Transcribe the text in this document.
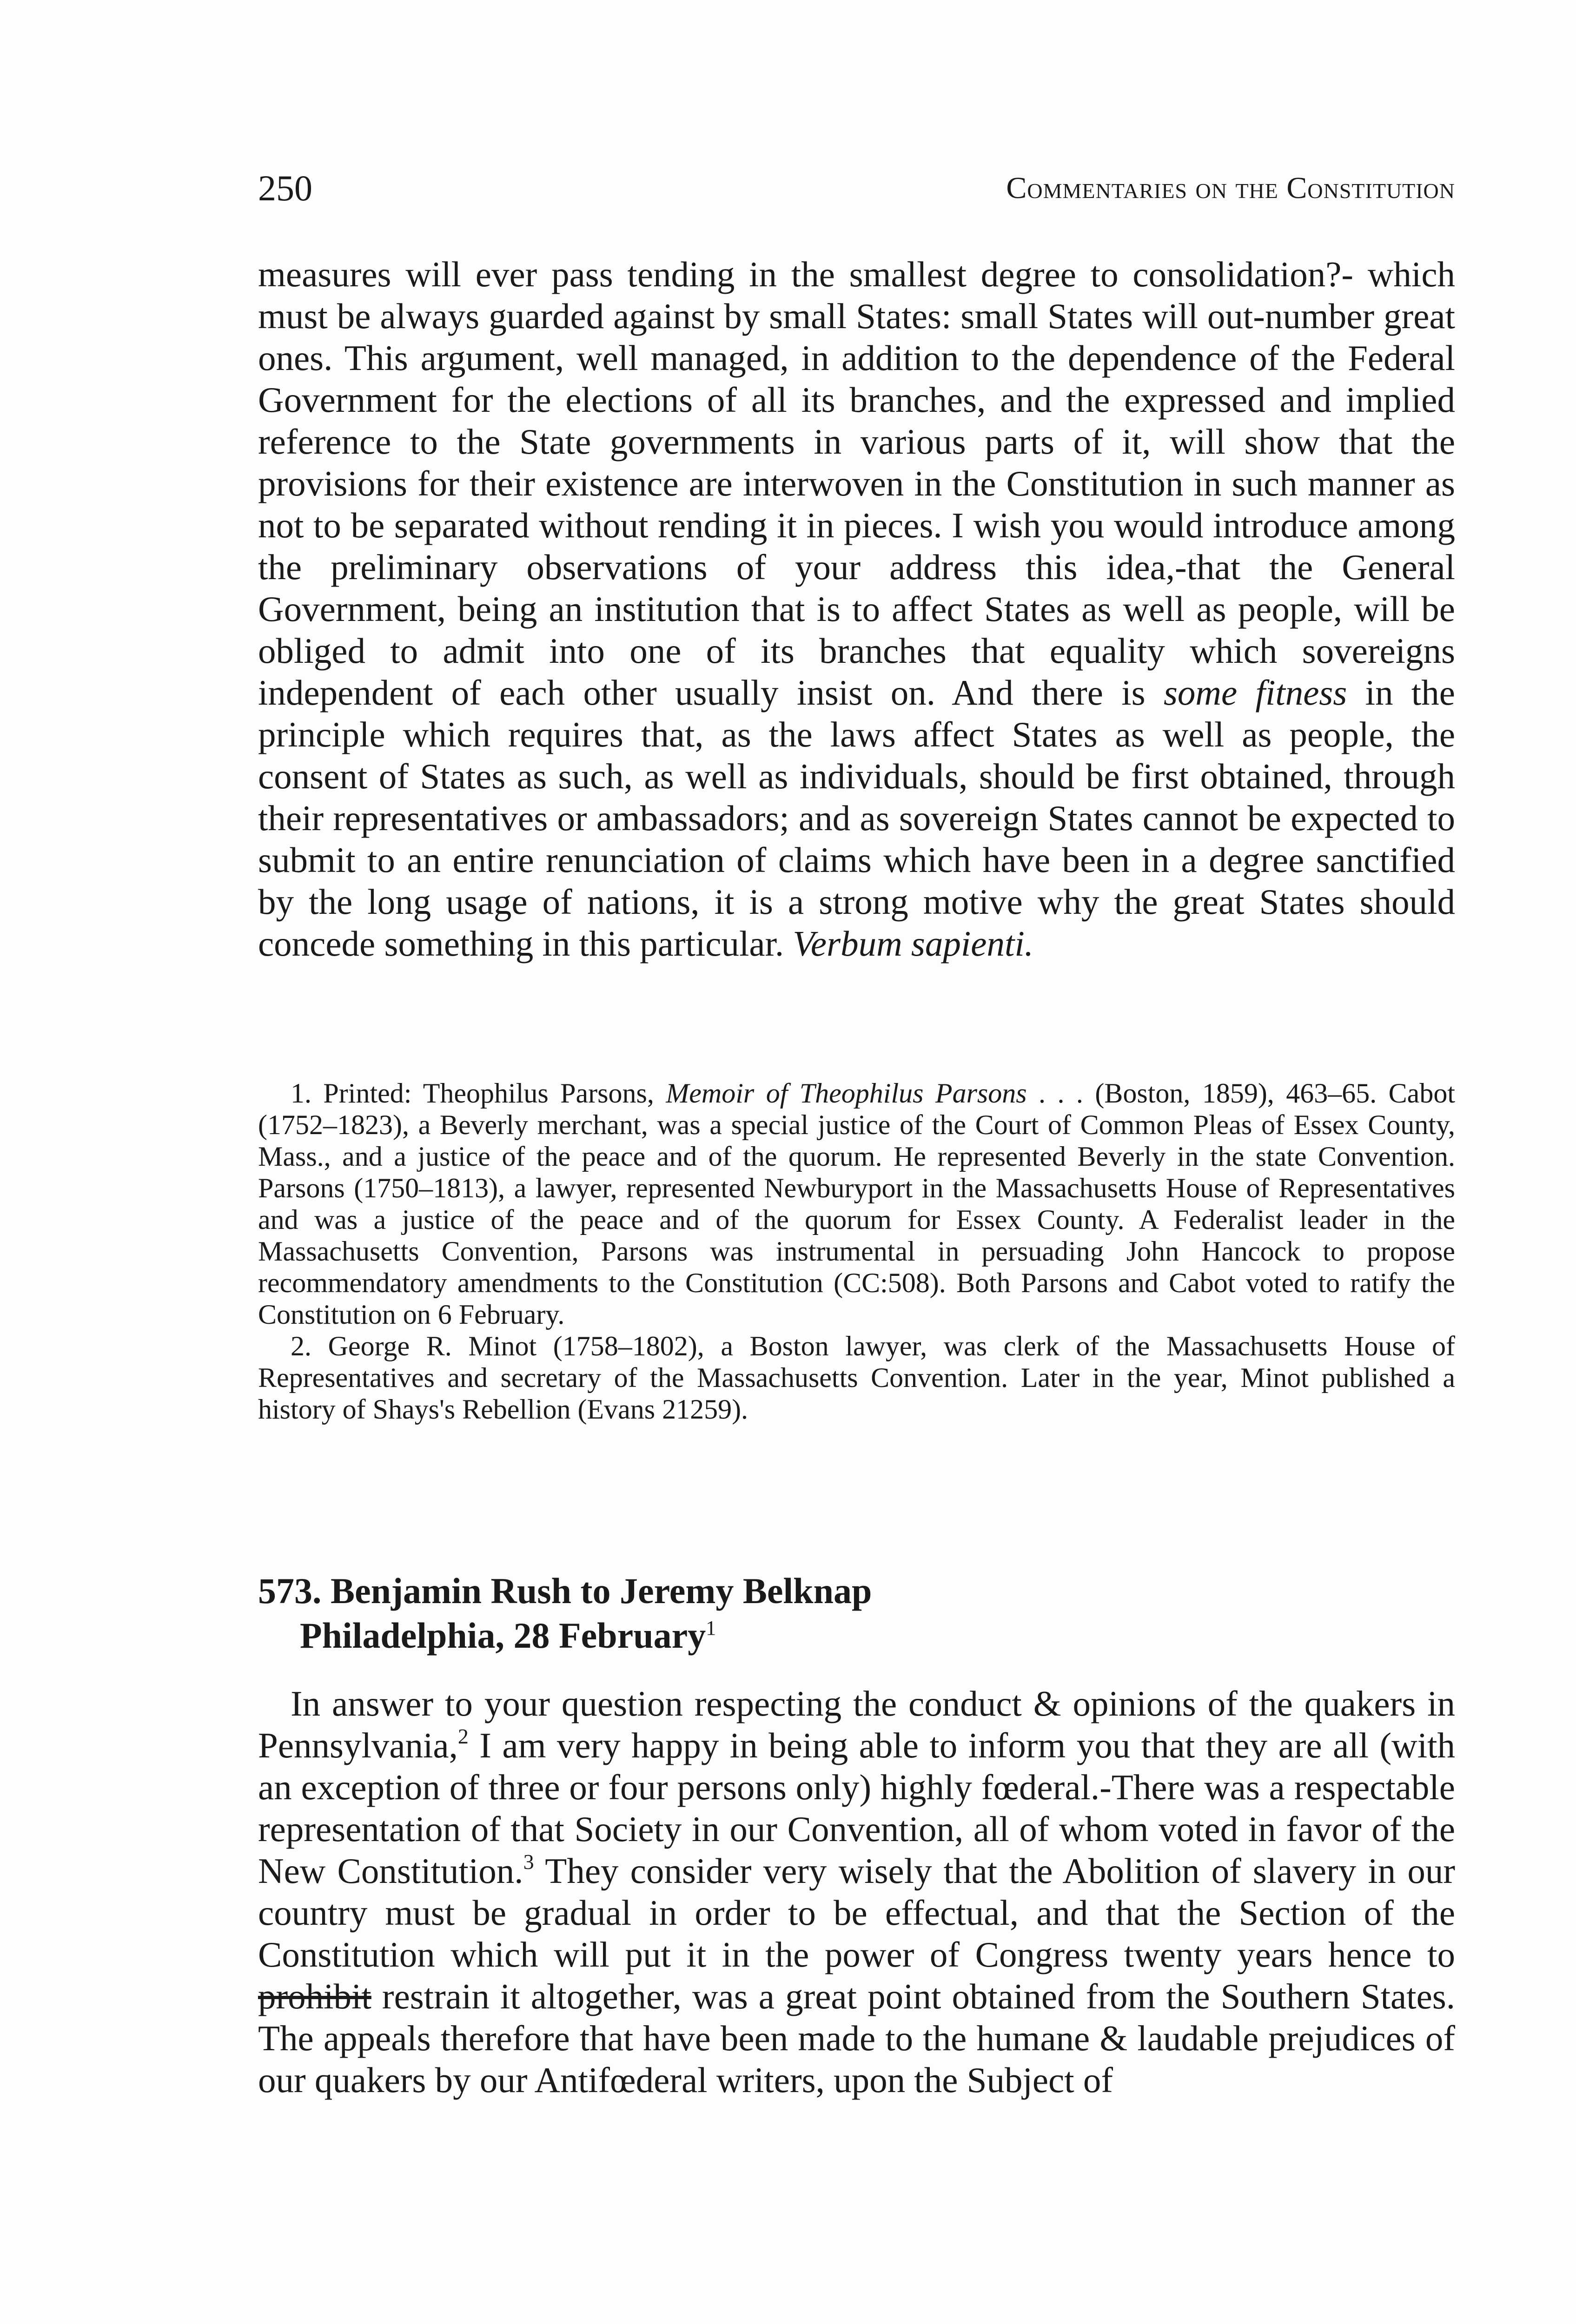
250	Commentaries on the Constitution

measures will ever pass tending in the smallest degree to consolidation?- which must be always guarded against by small States: small States will out-number great ones. This argument, well managed, in addition to the dependence of the Federal Government for the elections of all its branches, and the expressed and implied reference to the State governments in various parts of it, will show that the provisions for their existence are interwoven in the Constitution in such manner as not to be separated without rending it in pieces. I wish you would introduce among the preliminary observations of your address this idea,-that the General Government, being an institution that is to affect States as well as people, will be obliged to admit into one of its branches that equality which sovereigns independent of each other usually insist on. And there is some fitness in the principle which requires that, as the laws affect States as well as people, the consent of States as such, as well as individuals, should be first obtained, through their representatives or ambassadors; and as sovereign States cannot be expected to submit to an entire renunciation of claims which have been in a degree sanctified by the long usage of nations, it is a strong motive why the great States should concede something in this particular. Verbum sapienti.

1. Printed: Theophilus Parsons, Memoir of Theophilus Parsons . . . (Boston, 1859), 463–65. Cabot (1752–1823), a Beverly merchant, was a special justice of the Court of Common Pleas of Essex County, Mass., and a justice of the peace and of the quorum. He represented Beverly in the state Convention. Parsons (1750–1813), a lawyer, represented Newburyport in the Massachusetts House of Representatives and was a justice of the peace and of the quorum for Essex County. A Federalist leader in the Massachusetts Convention, Parsons was instrumental in persuading John Hancock to propose recommendatory amendments to the Constitution (CC:508). Both Parsons and Cabot voted to ratify the Constitution on 6 February.

2. George R. Minot (1758–1802), a Boston lawyer, was clerk of the Massachusetts House of Representatives and secretary of the Massachusetts Convention. Later in the year, Minot published a history of Shays's Rebellion (Evans 21259).

573. Benjamin Rush to Jeremy Belknap

Philadelphia, 28 February$^1$

In answer to your question respecting the conduct & opinions of the quakers in Pennsylvania,$^2$ I am very happy in being able to inform you that they are all (with an exception of three or four persons only) highly fœderal.-There was a respectable representation of that Society in our Convention, all of whom voted in favor of the New Constitution.$^3$ They consider very wisely that the Abolition of slavery in our country must be gradual in order to be effectual, and that the Section of the Constitution which will put it in the power of Congress twenty years hence to prohibit restrain it altogether, was a great point obtained from the Southern States. The appeals therefore that have been made to the humane & laudable prejudices of our quakers by our Antifœderal writers, upon the Subject of
